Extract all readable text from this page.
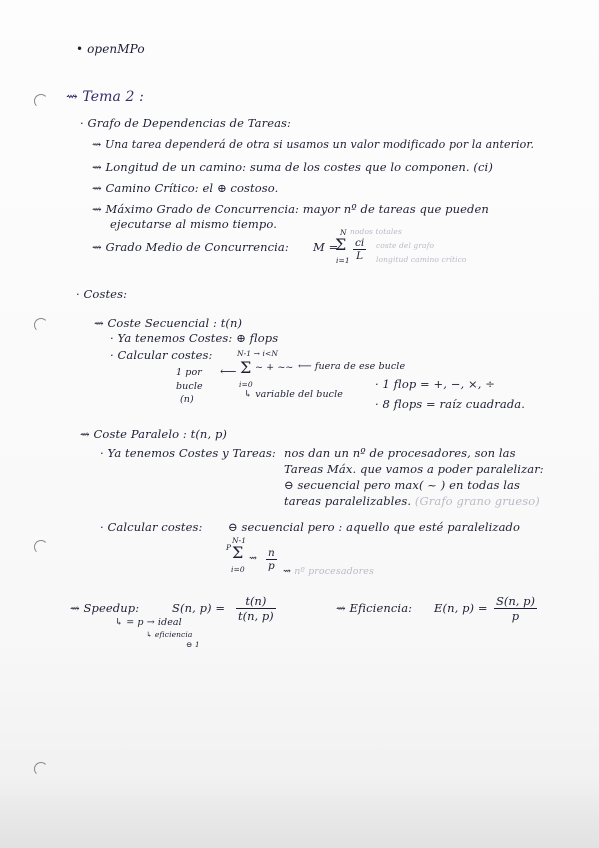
• openMPo
⇝ Tema 2 :
· Grafo de Dependencias de Tareas:
⇝ Una tarea dependerá de otra si usamos un valor modificado por la anterior.
⇝ Longitud de un camino: suma de los costes que lo componen. (ci)
⇝ Camino Crítico: el ⊕ costoso.
⇝ Máximo Grado de Concurrencia: mayor nº de tareas que pueden
ejecutarse al mismo tiempo.
⇝ Grado Medio de Concurrencia: M =
N
Σ
$i=1 \frac{ci}{L}$
nodos totales
coste del grafo
longitud camino crítico
· Costes:
⇝ Coste Secuencial : t(n)
· Ya tenemos Costes: ⊕ flops
· Calcular costes:
1 por
bucle
(n)
N-1 → i<N
⟵ Σ
i=0
~ + ~~ ⟵ fuera de ese bucle
↳ variable del bucle
· 1 flop = +, −, ×, ÷
· 8 flops = raíz cuadrada.
⇝ Coste Paralelo : t(n, p)
· Ya tenemos Costes y Tareas: nos dan un nº de procesadores, son las
Tareas Máx. que vamos a poder paralelizar:
⊖ secuencial pero max( ~ ) en todas las
tareas paralelizables. (Grafo grano grueso)
· Calcular costes: ⊖ secuencial pero : aquello que esté paralelizado
N-1
P Σ
i=0
⇝ $\frac{n}{p}$ ⇝ nº procesadores
⇝ Speedup:	S(n, $p) = \frac{t(n)}{t(n, p)}$
↳ = p → ideal
↳ eficiencia
⊖ 1
⇝ Eficiencia: E(n, $p) = \frac{S(n, p)}{p}$
